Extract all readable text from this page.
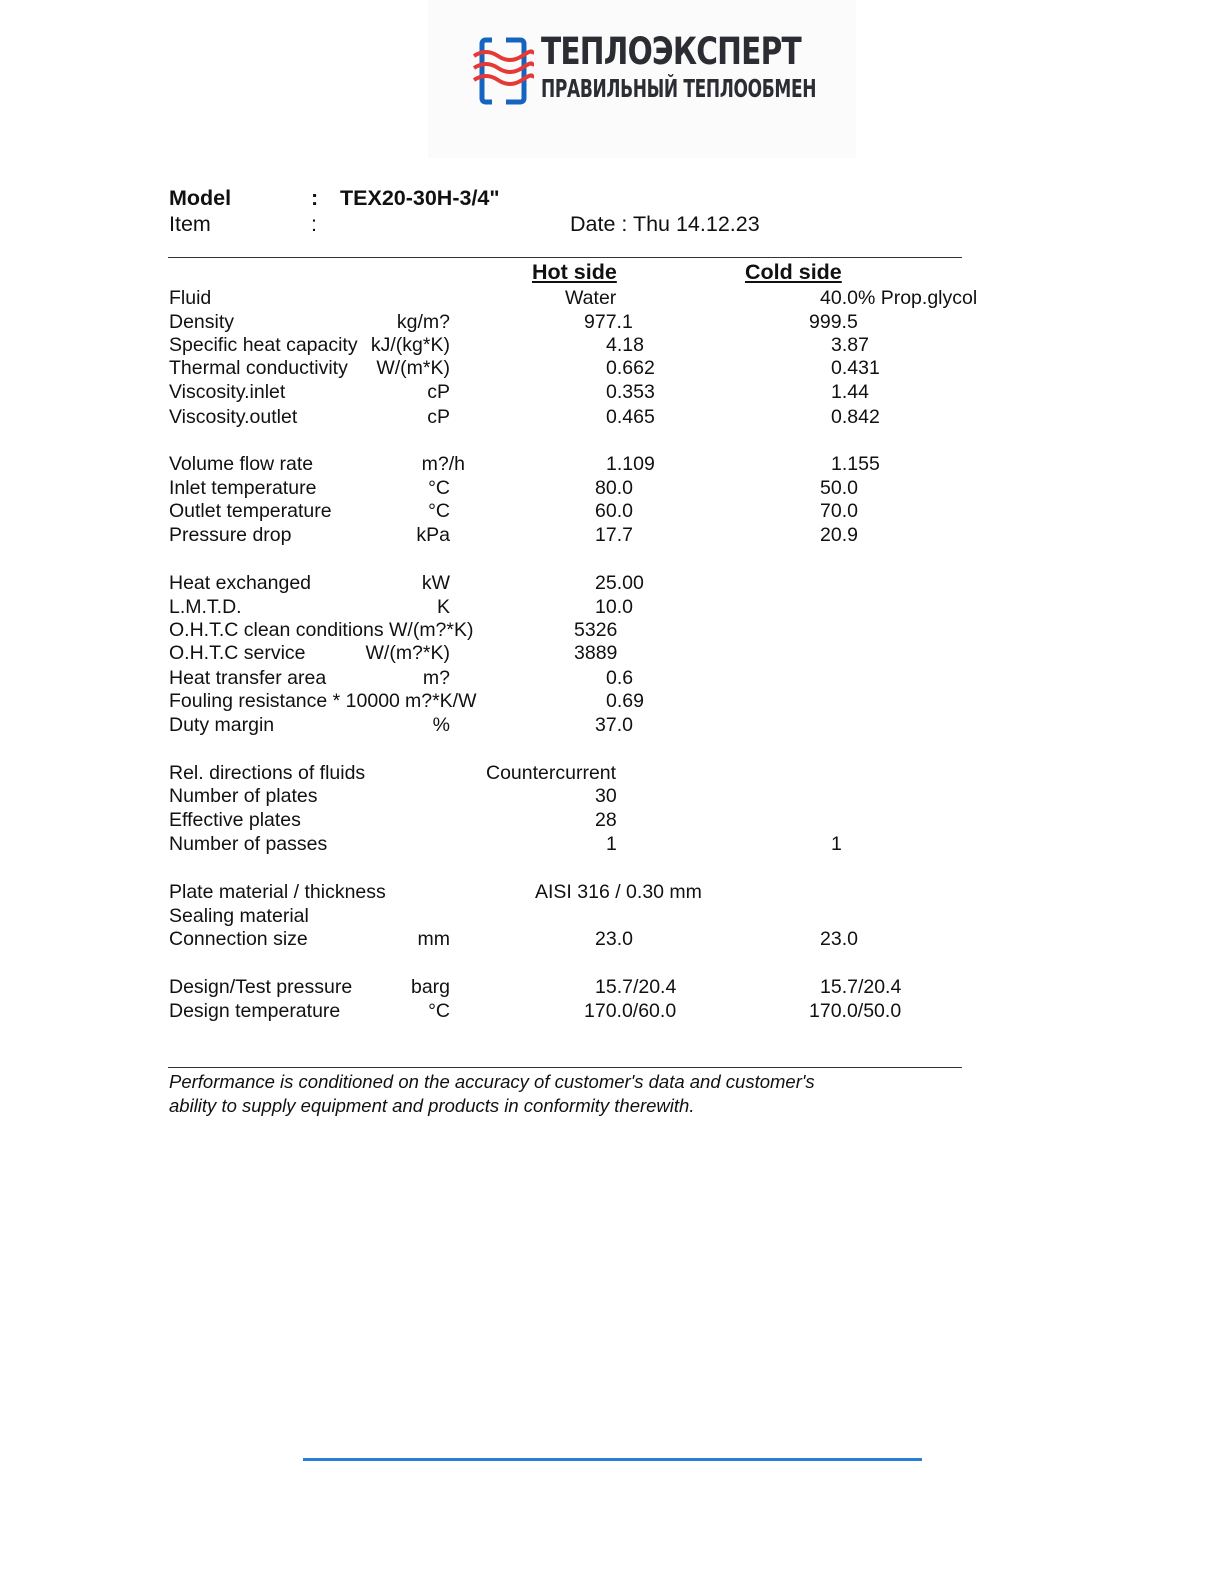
ТЕПЛОЭКСПЕРТ
ПРАВИЛЬНЫЙ ТЕПЛООБМЕН
Model	: TEX20-30H-3/4"
Item	:	Date : Thu 14.12.23
Hot side	Cold side
Fluid	Water	40.0% Prop.glycol
Density	kg/m?	977.1	999.5
Specific heat capacity kJ/(kg*K)	4.18	3.87
Thermal conductivity	W/(m*K)	0.662	0.431
Viscosity.inlet	cP	0.353	1.44
Viscosity.outlet	cP	0.465	0.842
Volume flow rate	m?/h	1.109	1.155
Inlet temperature	°C	80.0	50.0
Outlet temperature	°C	60.0	70.0
Pressure drop	kPa	17.7	20.9
Heat exchanged	kW	25.00
L.M.T.D.	K	10.0
O.H.T.C clean conditions W/(m?*K)	5326
O.H.T.C service	W/(m?*K)	3889
Heat transfer area	m?	0.6
Fouling resistance * 10000 m?*K/W	0.69
Duty margin	%	37.0
Rel. directions of fluids	Countercurrent
Number of plates	30
Effective plates	28
Number of passes	1	1
Plate material / thickness	AISI 316 / 0.30 mm
Sealing material
Connection size	mm	23.0	23.0
Design/Test pressure	barg	15.7/20.4	15.7/20.4
Design temperature	°C	170.0/60.0	170.0/50.0
Performance is conditioned on the accuracy of customer's data and customer's
ability to supply equipment and products in conformity therewith.
